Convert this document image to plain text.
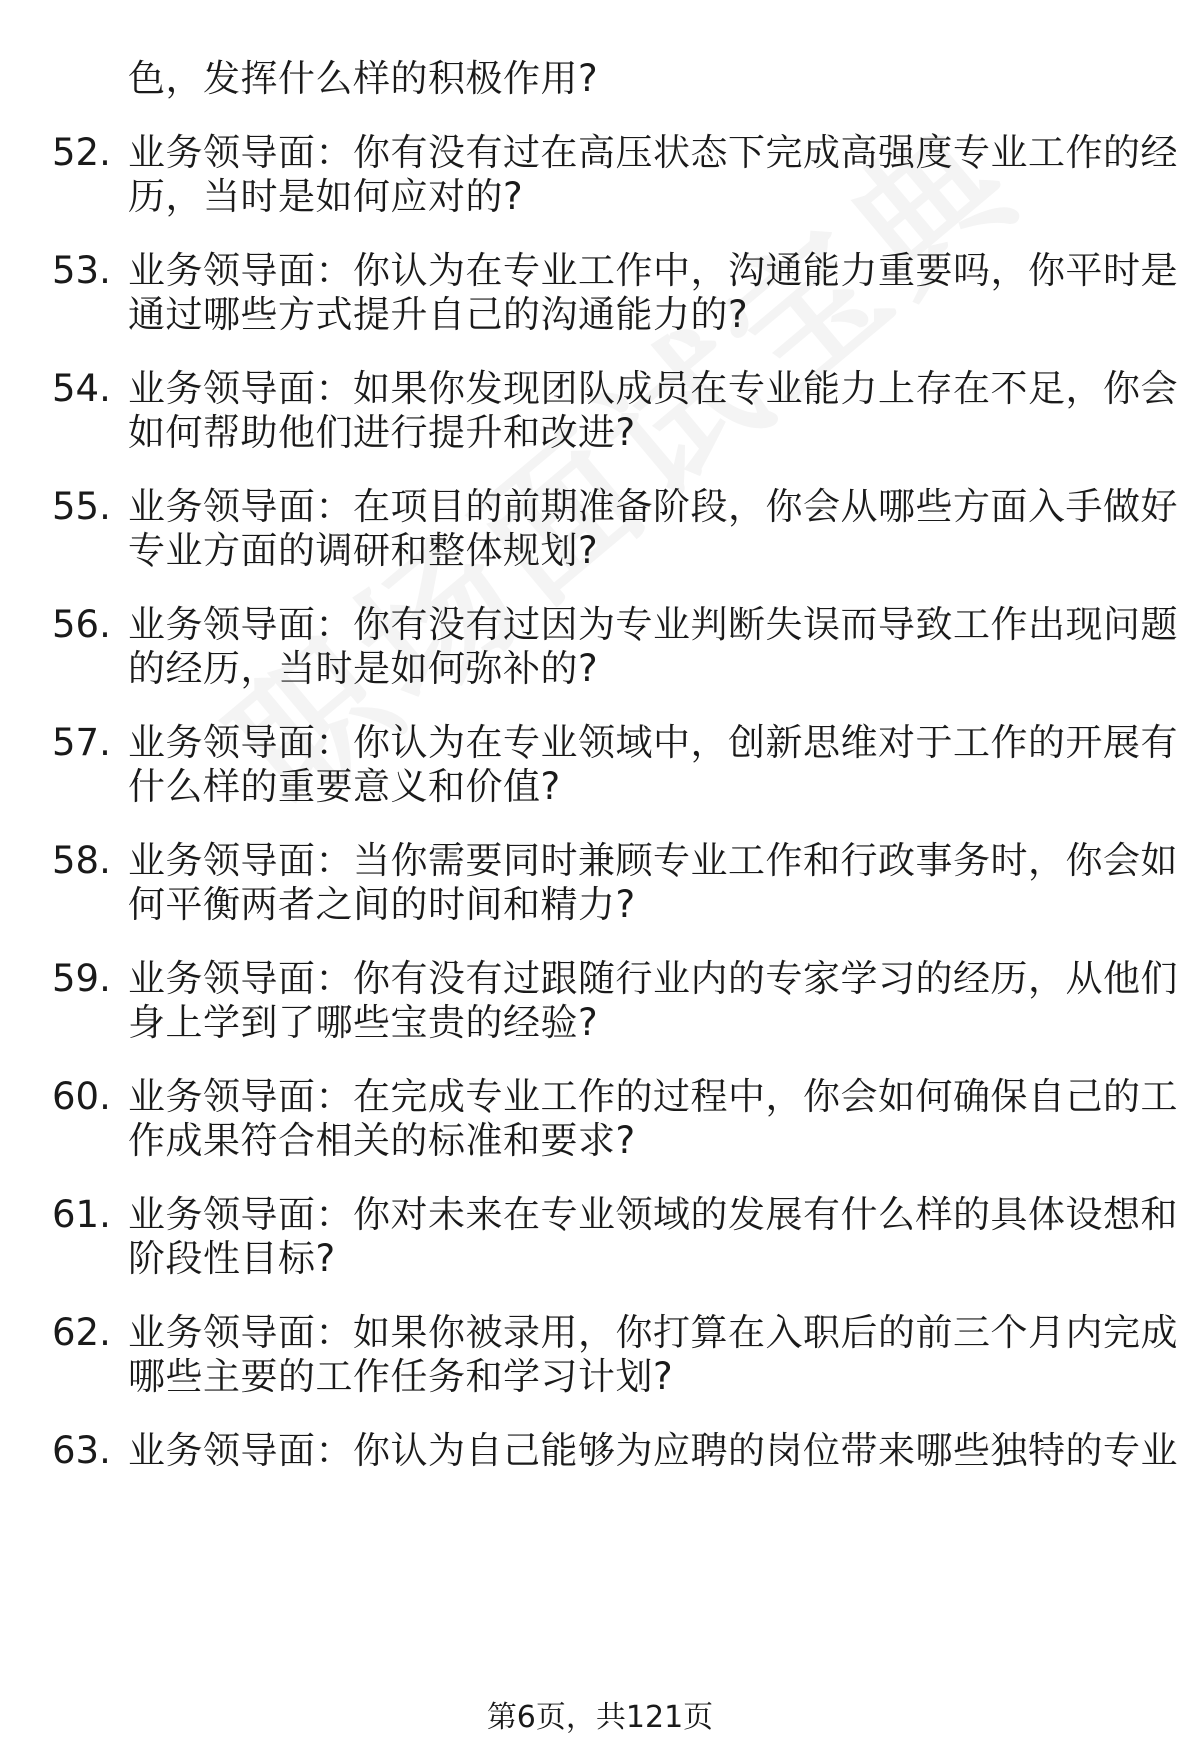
色，发挥什么样的积极作用?
52. 业务领导面：你有没有过在高压状态下完成高强度专业工作的经
历，当时是如何应对的?
53. 业务领导面：你认为在专业工作中，沟通能力重要吗，你平时是
通过哪些方式提升自己的沟通能力的?
54. 业务领导面：如果你发现团队成员在专业能力上存在不足，你会
如何帮助他们进行提升和改进?
55. 业务领导面：在项目的前期准备阶段，你会从哪些方面入手做好
专业方面的调研和整体规划?
56. 业务领导面：你有没有过因为专业判断失误而导致工作出现问题
的经历，当时是如何弥补的?
57. 业务领导面：你认为在专业领域中，创新思维对于工作的开展有
什么样的重要意义和价值?
58. 业务领导面：当你需要同时兼顾专业工作和行政事务时，你会如
何平衡两者之间的时间和精力?
59. 业务领导面：你有没有过跟随行业内的专家学习的经历，从他们
身上学到了哪些宝贵的经验?
60. 业务领导面：在完成专业工作的过程中，你会如何确保自己的工
作成果符合相关的标准和要求?
61. 业务领导面：你对未来在专业领域的发展有什么样的具体设想和
阶段性目标?
62. 业务领导面：如果你被录用，你打算在入职后的前三个月内完成
哪些主要的工作任务和学习计划?
63. 业务领导面：你认为自己能够为应聘的岗位带来哪些独特的专业
第6页，共121页
